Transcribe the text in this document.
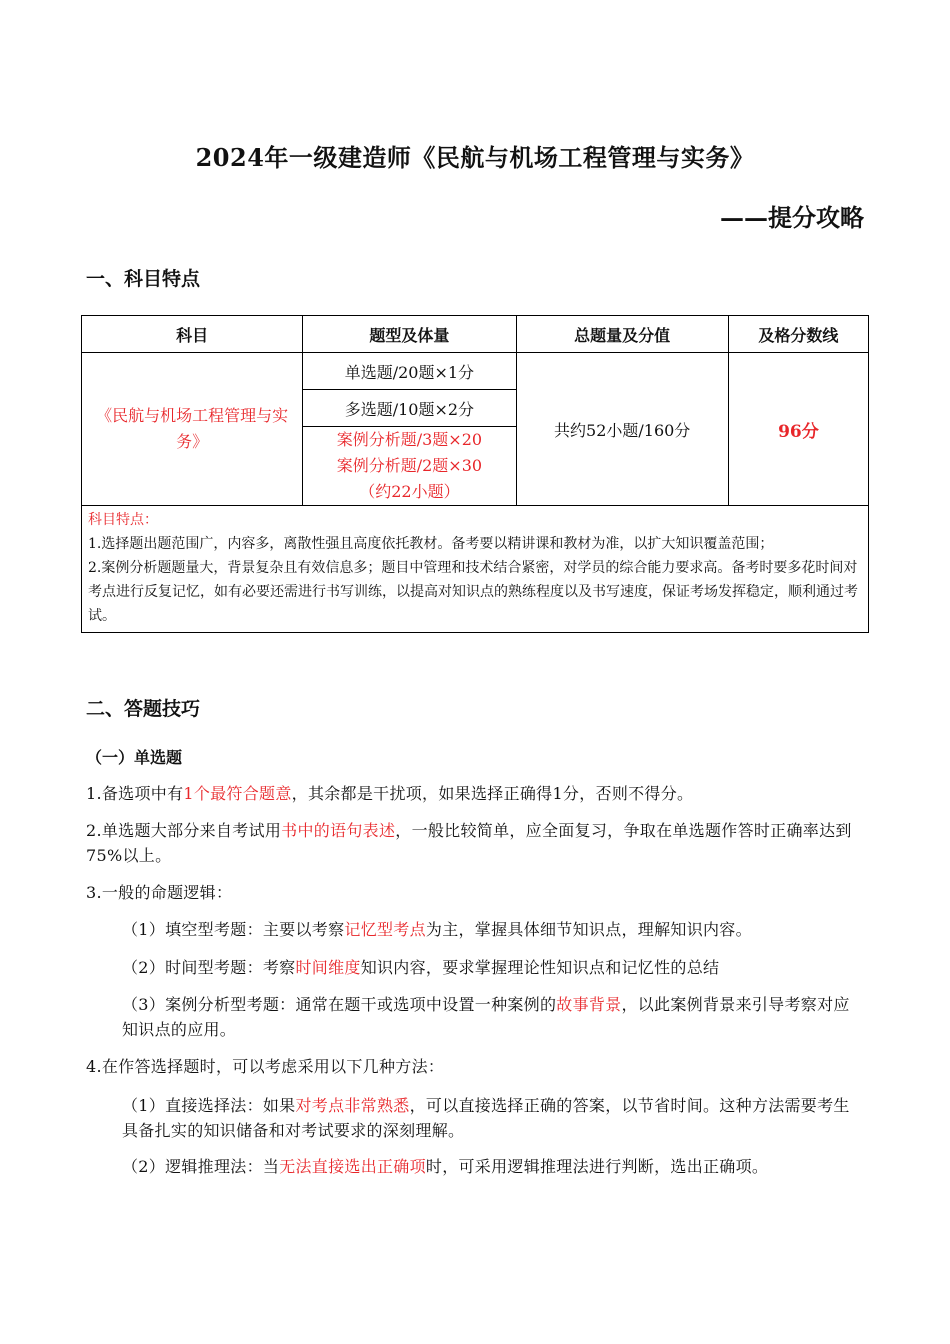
2024年一级建造师《民航与机场工程管理与实务》
——提分攻略
一、科目特点
科目	题型及体量	总题量及分值	及格分数线
《民航与机场工程管理与实务》	单选题/20题×1分	共约52小题/160分	96分
	多选题/10题×2分		

	案例分析题/3题×20
案例分析题/2题×30
（约22小题）		

科目特点：
1.选择题出题范围广，内容多，离散性强且高度依托教材。备考要以精讲课和教材为准，以扩大知识覆盖范围；
2.案例分析题题量大，背景复杂且有效信息多；题目中管理和技术结合紧密，对学员的综合能力要求高。备考时要多花时间对考点进行反复记忆，如有必要还需进行书写训练，以提高对知识点的熟练程度以及书写速度，保证考场发挥稳定，顺利通过考试。			
二、答题技巧
（一）单选题
1.备选项中有1个最符合题意，其余都是干扰项，如果选择正确得1分，否则不得分。
2.单选题大部分来自考试用书中的语句表述，一般比较简单，应全面复习，争取在单选题作答时正确率达到75%以上。
3.一般的命题逻辑：
（1）填空型考题：主要以考察记忆型考点为主，掌握具体细节知识点，理解知识内容。
（2）时间型考题：考察时间维度知识内容，要求掌握理论性知识点和记忆性的总结
（3）案例分析型考题：通常在题干或选项中设置一种案例的故事背景，以此案例背景来引导考察对应知识点的应用。
4.在作答选择题时，可以考虑采用以下几种方法：
（1）直接选择法：如果对考点非常熟悉，可以直接选择正确的答案，以节省时间。这种方法需要考生具备扎实的知识储备和对考试要求的深刻理解。
（2）逻辑推理法：当无法直接选出正确项时，可采用逻辑推理法进行判断，选出正确项。
